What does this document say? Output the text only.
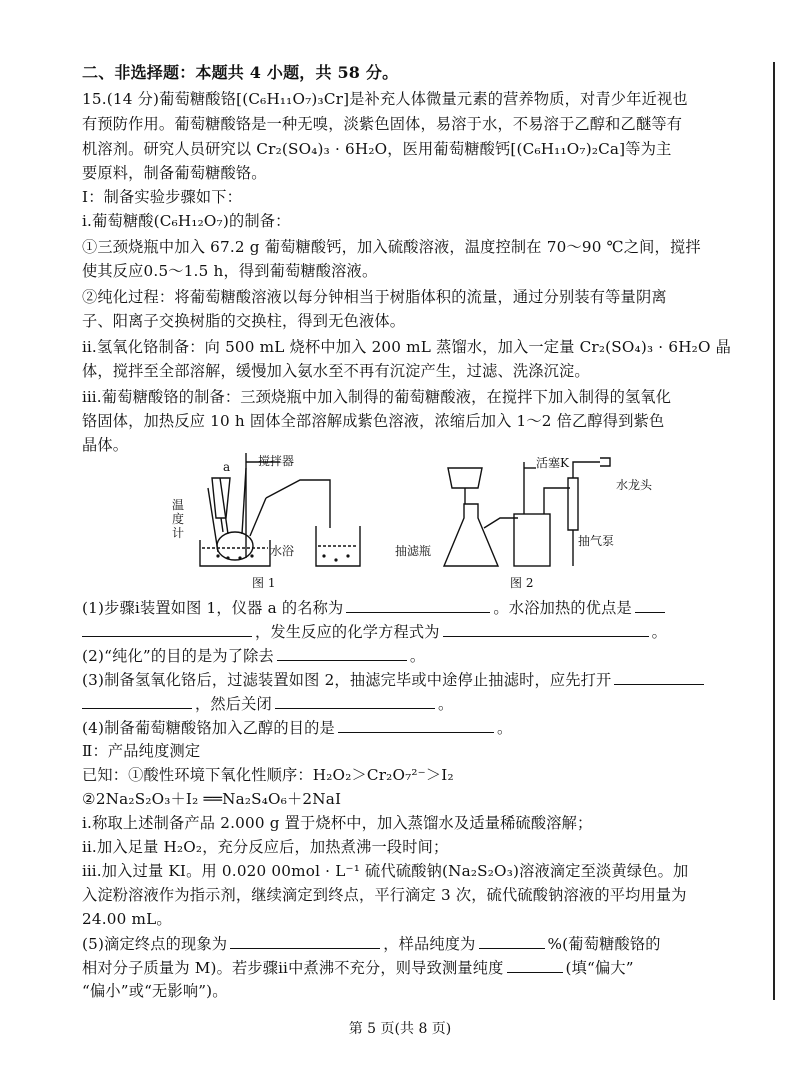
二、非选择题：本题共 4 小题，共 58 分。
15.(14 分)葡萄糖酸铬[(C₆H₁₁O₇)₃Cr]是补充人体微量元素的营养物质，对青少年近视也
有预防作用。葡萄糖酸铬是一种无嗅，淡紫色固体，易溶于水，不易溶于乙醇和乙醚等有
机溶剂。研究人员研究以 Cr₂(SO₄)₃ · 6H₂O，医用葡萄糖酸钙[(C₆H₁₁O₇)₂Ca]等为主
要原料，制备葡萄糖酸铬。
Ⅰ：制备实验步骤如下：
ⅰ.葡萄糖酸(C₆H₁₂O₇)的制备：
①三颈烧瓶中加入 67.2 g 葡萄糖酸钙，加入硫酸溶液，温度控制在 70～90 ℃之间，搅拌
使其反应0.5～1.5 h，得到葡萄糖酸溶液。
②纯化过程：将葡萄糖酸溶液以每分钟相当于树脂体积的流量，通过分别装有等量阴离
子、阳离子交换树脂的交换柱，得到无色液体。
ⅱ.氢氧化铬制备：向 500 mL 烧杯中加入 200 mL 蒸馏水，加入一定量 Cr₂(SO₄)₃ · 6H₂O 晶
体，搅拌至全部溶解，缓慢加入氨水至不再有沉淀产生，过滤、洗涤沉淀。
ⅲ.葡萄糖酸铬的制备：三颈烧瓶中加入制得的葡萄糖酸液，在搅拌下加入制得的氢氧化
铬固体，加热反应 10 h 固体全部溶解成紫色溶液，浓缩后加入 1～2 倍乙醇得到紫色
晶体。
a 搅拌器
温度计
水浴
图 1
活塞K
水龙头
抽滤瓶
抽气泵
图 2
(1)步骤ⅰ装置如图 1，仪器 a 的名称为	。水浴加热的优点是
，发生反应的化学方程式为	。
(2)“纯化”的目的是为了除去	。
(3)制备氢氧化铬后，过滤装置如图 2，抽滤完毕或中途停止抽滤时，应先打开
，然后关闭	。
(4)制备葡萄糖酸铬加入乙醇的目的是	。
Ⅱ：产品纯度测定
已知：①酸性环境下氧化性顺序：H₂O₂＞Cr₂O₇²⁻＞I₂
②2Na₂S₂O₃＋I₂ ══Na₂S₄O₆＋2NaI
ⅰ.称取上述制备产品 2.000 g 置于烧杯中，加入蒸馏水及适量稀硫酸溶解；
ⅱ.加入足量 H₂O₂，充分反应后，加热煮沸一段时间；
ⅲ.加入过量 KI。用 0.020 00mol · L⁻¹ 硫代硫酸钠(Na₂S₂O₃)溶液滴定至淡黄绿色。加
入淀粉溶液作为指示剂，继续滴定到终点，平行滴定 3 次，硫代硫酸钠溶液的平均用量为
24.00 mL。
(5)滴定终点的现象为	，样品纯度为	%(葡萄糖酸铬的
相对分子质量为 M)。若步骤ⅱ中煮沸不充分，则导致测量纯度	(填“偏大”
“偏小”或“无影响”)。
第 5 页(共 8 页)
